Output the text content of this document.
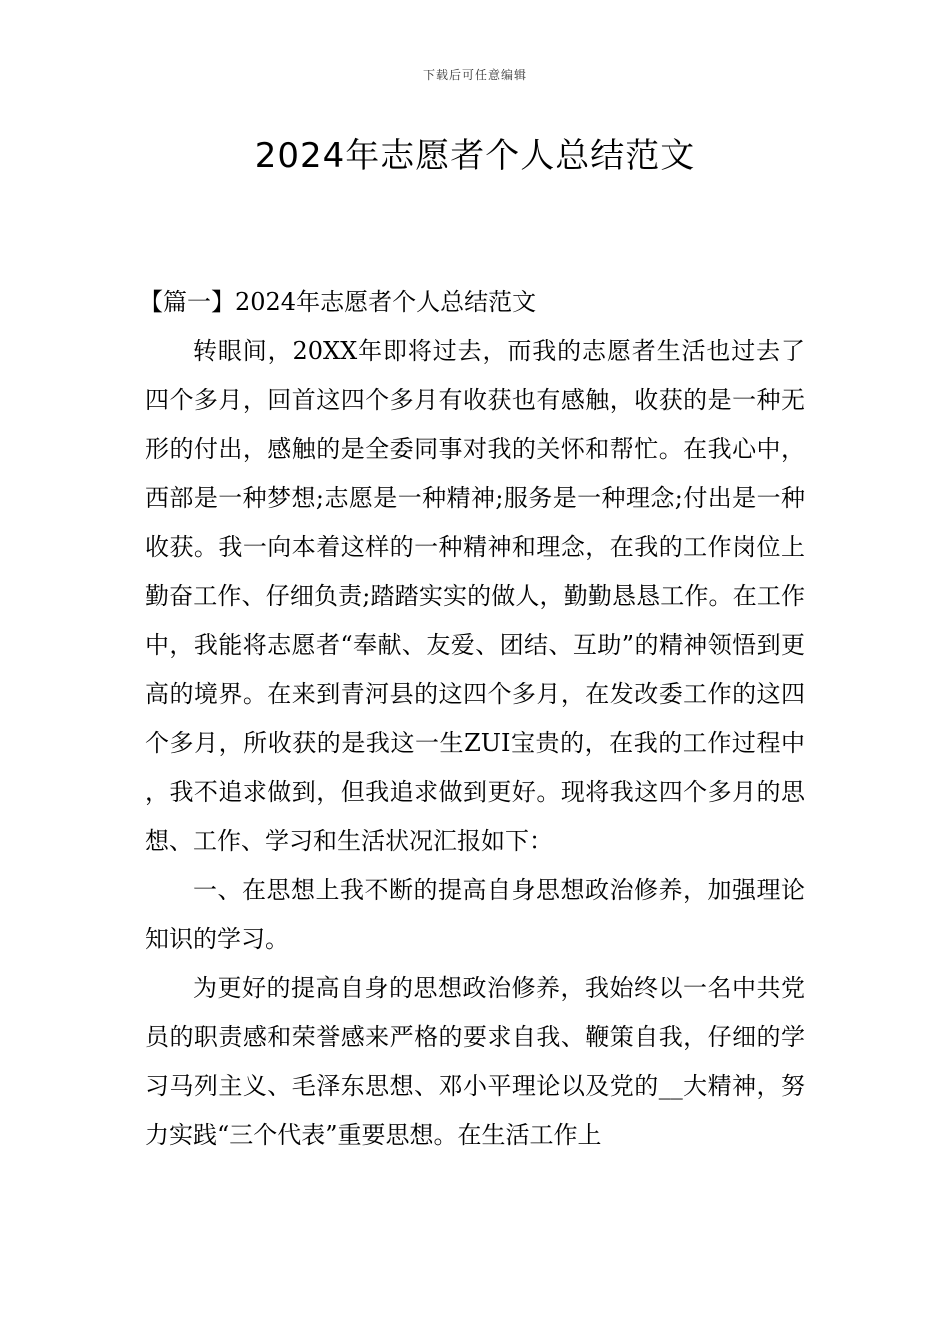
下载后可任意编辑
2024年志愿者个人总结范文
【篇一】2024年志愿者个人总结范文

转眼间，20XX年即将过去，而我的志愿者生活也过去了四个多月，回首这四个多月有收获也有感触，收获的是一种无形的付出，感触的是全委同事对我的关怀和帮忙。在我心中，西部是一种梦想;志愿是一种精神;服务是一种理念;付出是一种收获。我一向本着这样的一种精神和理念，在我的工作岗位上勤奋工作、仔细负责;踏踏实实的做人，勤勤恳恳工作。在工作中，我能将志愿者“奉献、友爱、团结、互助”的精神领悟到更高的境界。在来到青河县的这四个多月，在发改委工作的这四个多月，所收获的是我这一生ZUI宝贵的，在我的工作过程中，我不追求做到，但我追求做到更好。现将我这四个多月的思想、工作、学习和生活状况汇报如下：

一、在思想上我不断的提高自身思想政治修养，加强理论知识的学习。

为更好的提高自身的思想政治修养，我始终以一名中共党员的职责感和荣誉感来严格的要求自我、鞭策自我，仔细的学习马列主义、毛泽东思想、邓小平理论以及党的__大精神，努力实践“三个代表”重要思想。在生活工作上
